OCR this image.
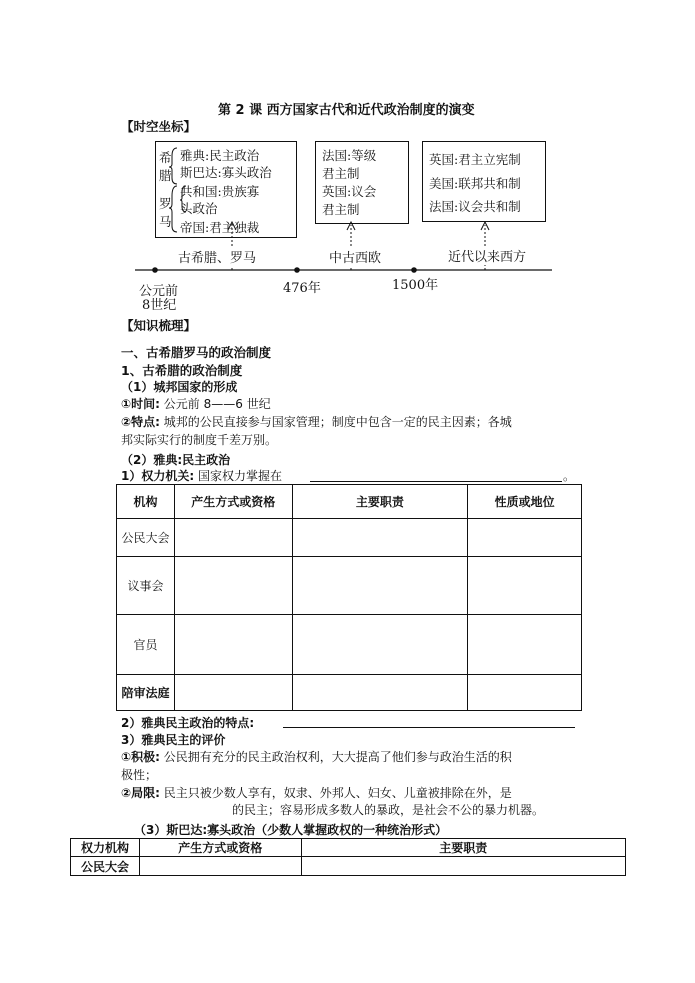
第 2 课 西方国家古代和近代政治制度的演变
【时空坐标】
希
腊
罗
马
雅典:民主政治
斯巴达:寡头政治
共和国:贵族寡
头政治
帝国:君主独裁
法国:等级
君主制
英国:议会
君主制
英国:君主立宪制
美国:联邦共和制
法国:议会共和制
古希腊、罗马	中古西欧	近代以来西方
公元前
8世纪
476年	1500年
【知识梳理】
一、古希腊罗马的政治制度
1、古希腊的政治制度
（1）城邦国家的形成
①时间: 公元前 8——6 世纪
②特点: 城邦的公民直接参与国家管理；制度中包含一定的民主因素；各城
邦实际实行的制度千差万别。
（2）雅典:民主政治
1）权力机关: 国家权力掌握在	。
机构	产生方式或资格	主要职责	性质或地位
公民大会			
议事会			
官员			
陪审法庭			
2）雅典民主政治的特点:
3）雅典民主的评价
①积极: 公民拥有充分的民主政治权利，大大提高了他们参与政治生活的积
极性；
②局限: 民主只被少数人享有，奴隶、外邦人、妇女、儿童被排除在外，是
的民主；容易形成多数人的暴政，是社会不公的暴力机器。
（3）斯巴达:寡头政治（少数人掌握政权的一种统治形式）
权力机构	产生方式或资格	主要职责
公民大会		
